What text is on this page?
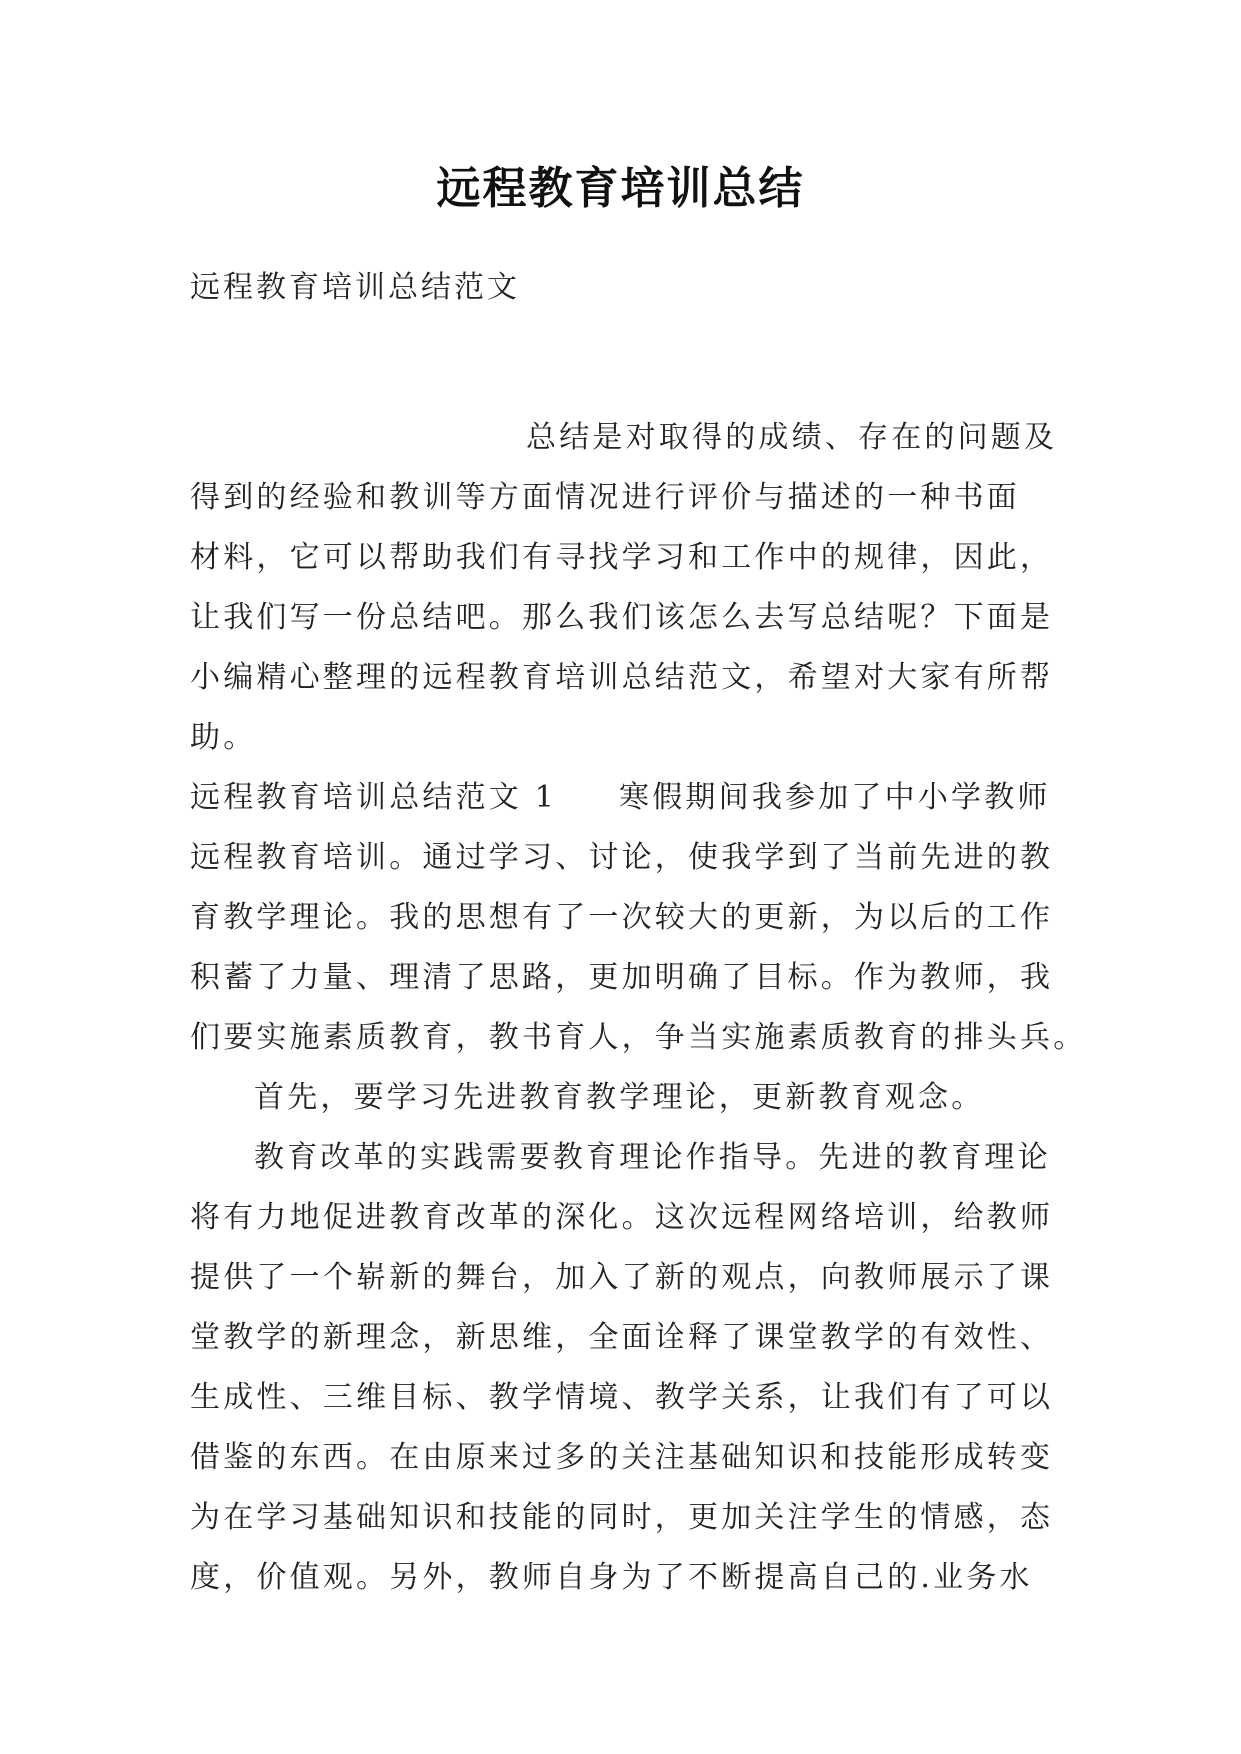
远程教育培训总结

远程教育培训总结范文

总结是对取得的成绩、存在的问题及
得到的经验和教训等方面情况进行评价与描述的一种书面
材料，它可以帮助我们有寻找学习和工作中的规律，因此，
让我们写一份总结吧。那么我们该怎么去写总结呢？下面是
小编精心整理的远程教育培训总结范文，希望对大家有所帮
助。
远程教育培训总结范文 1 寒假期间我参加了中小学教师
远程教育培训。通过学习、讨论，使我学到了当前先进的教
育教学理论。我的思想有了一次较大的更新，为以后的工作
积蓄了力量、理清了思路，更加明确了目标。作为教师，我
们要实施素质教育，教书育人，争当实施素质教育的排头兵。
首先，要学习先进教育教学理论，更新教育观念。
教育改革的实践需要教育理论作指导。先进的教育理论
将有力地促进教育改革的深化。这次远程网络培训，给教师
提供了一个崭新的舞台，加入了新的观点，向教师展示了课
堂教学的新理念，新思维，全面诠释了课堂教学的有效性、
生成性、三维目标、教学情境、教学关系，让我们有了可以
借鉴的东西。在由原来过多的关注基础知识和技能形成转变
为在学习基础知识和技能的同时，更加关注学生的情感，态
度，价值观。另外，教师自身为了不断提高自己的.业务水
